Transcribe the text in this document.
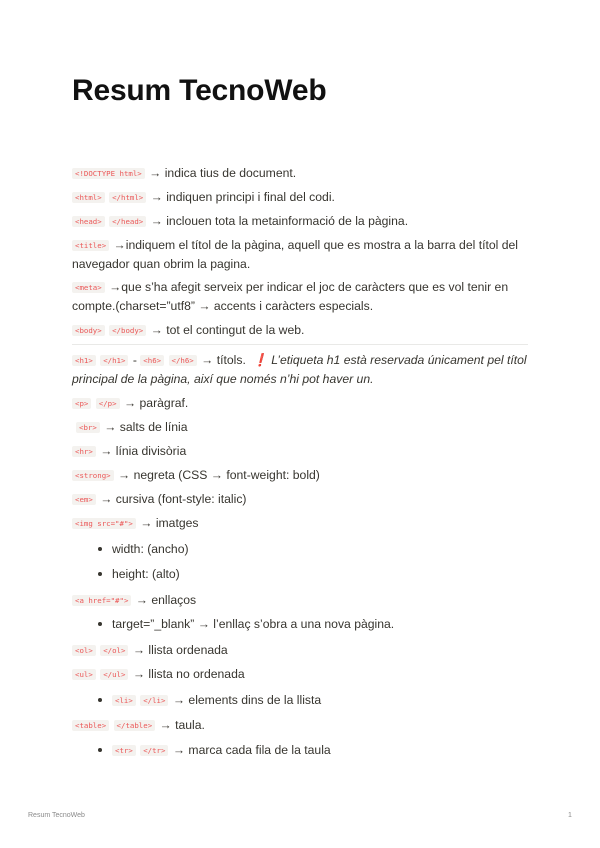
Resum TecnoWeb
<!DOCTYPE html> → indica tius de document.
<html> </html> → indiquen principi i final del codi.
<head> </head> → inclouen tota la metainformació de la pàgina.
<title> →indiquem el títol de la pàgina, aquell que es mostra a la barra del títol del navegador quan obrim la pagina.
<meta> →que s’ha afegit serveix per indicar el joc de caràcters que es vol tenir en compte.(charset=”utf8” → accents i caràcters especials.
<body> </body> → tot el contingut de la web.
<h1> </h1> - <h6> </h6> → títols. ❗ L’etiqueta h1 està reservada únicament pel títol principal de la pàgina, així que només n’hi pot haver un.
<p> </p> → paràgraf.
<br> → salts de línia
<hr> → línia divisòria
<strong> → negreta (CSS → font-weight: bold)
<em> → cursiva (font-style: italic)
<img src="#"> → imatges
width: (ancho)
height: (alto)
<a href="#"> → enllaços
target=”_blank” → l’enllaç s’obra a una nova pàgina.
<ol> </ol> → llista ordenada
<ul> </ul> → llista no ordenada
<li> </li> → elements dins de la llista
<table> </table> → taula.
<tr> </tr> → marca cada fila de la taula
Resum TecnoWeb	1
